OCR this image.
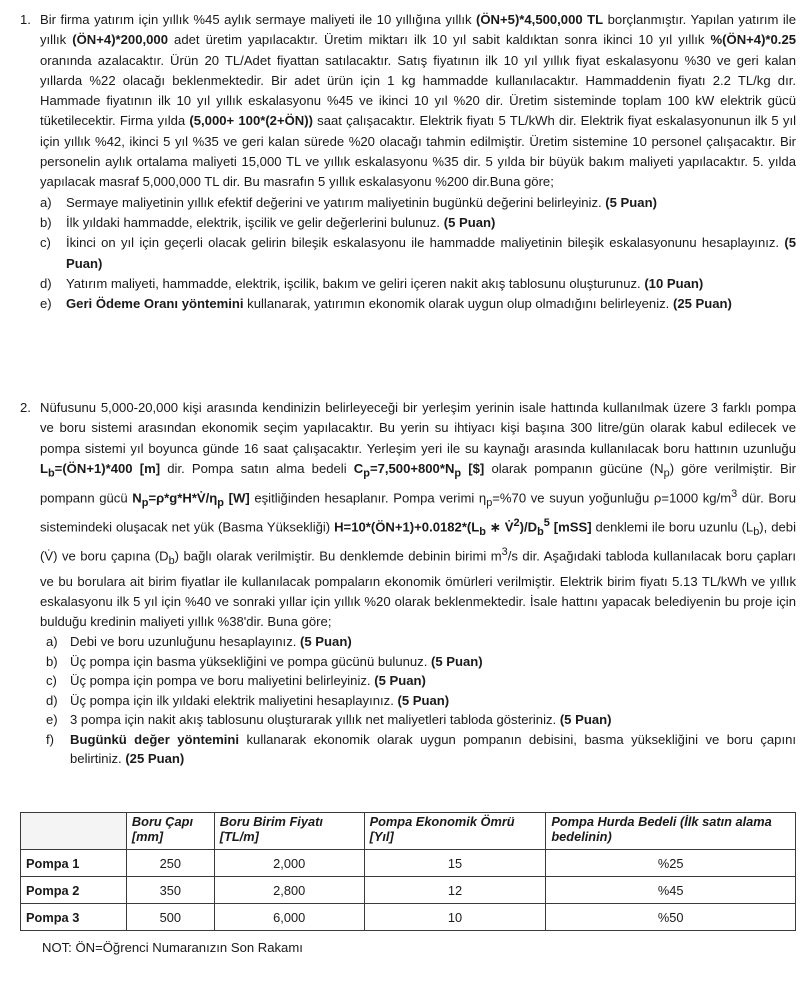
1. Bir firma yatırım için yıllık %45 aylık sermaye maliyeti ile 10 yıllığına yıllık (ÖN+5)*4,500,000 TL borçlanmıştır. Yapılan yatırım ile yıllık (ÖN+4)*200,000 adet üretim yapılacaktır. Üretim miktarı ilk 10 yıl sabit kaldıktan sonra ikinci 10 yıl yıllık %(ÖN+4)*0.25 oranında azalacaktır. Ürün 20 TL/Adet fiyattan satılacaktır. Satış fiyatının ilk 10 yıl yıllık fiyat eskalasyonu %30 ve geri kalan yıllarda %22 olacağı beklenmektedir. Bir adet ürün için 1 kg hammadde kullanılacaktır. Hammaddenin fiyatı 2.2 TL/kg dır. Hammade fiyatının ilk 10 yıl yıllık eskalasyonu %45 ve ikinci 10 yıl %20 dir. Üretim sisteminde toplam 100 kW elektrik gücü tüketilecektir. Firma yılda (5,000+ 100*(2+ÖN)) saat çalışacaktır. Elektrik fiyatı 5 TL/kWh dir. Elektrik fiyat eskalasyonunun ilk 5 yıl için yıllık %42, ikinci 5 yıl %35 ve geri kalan sürede %20 olacağı tahmin edilmiştir. Üretim sistemine 10 personel çalışacaktır. Bir personelin aylık ortalama maliyeti 15,000 TL ve yıllık eskalasyonu %35 dir. 5 yılda bir büyük bakım maliyeti yapılacaktır. 5. yılda yapılacak masraf 5,000,000 TL dir. Bu masrafın 5 yıllık eskalasyonu %200 dir.Buna göre;
a) Sermaye maliyetinin yıllık efektif değerini ve yatırım maliyetinin bugünkü değerini belirleyiniz. (5 Puan)
b) İlk yıldaki hammadde, elektrik, işcilik ve gelir değerlerini bulunuz. (5 Puan)
c) İkinci on yıl için geçerli olacak gelirin bileşik eskalasyonu ile hammadde maliyetinin bileşik eskalasyonunu hesaplayınız. (5 Puan)
d) Yatırım maliyeti, hammadde, elektrik, işcilik, bakım ve geliri içeren nakit akış tablosunu oluşturunuz. (10 Puan)
e) Geri Ödeme Oranı yöntemini kullanarak, yatırımın ekonomik olarak uygun olup olmadığını belirleyeniz. (25 Puan)
2. Nüfusunu 5,000-20,000 kişi arasında kendinizin belirleyeceği bir yerleşim yerinin isale hattında kullanılmak üzere 3 farklı pompa ve boru sistemi arasından ekonomik seçim yapılacaktır. Bu yerin su ihtiyacı kişi başına 300 litre/gün olarak kabul edilecek ve pompa sistemi yıl boyunca günde 16 saat çalışacaktır. Yerleşim yeri ile su kaynağı arasında kullanılacak boru hattının uzunluğu $L_b=(ÖN+1)*400$ [m] dir. Pompa satın alma bedeli $C_p=7,500+800*N_p$ [$] olarak pompanın gücüne $(N_p)$ göre verilmiştir. Bir pompann gücü $N_p=\rho*g*H*V̇/\eta_p$ [W] eşitliğinden hesaplanır. Pompa verimi $\eta_p=\%70$ ve suyun yoğunluğu ρ=1000 $kg/m^3$ dür. Boru sistemindeki oluşacak net yük (Basma Yüksekliği) $H=10*(ÖN+1)+0.0182*(L_b$ ∗ $V̇^2)/D_b^5$ [mSS] denklemi ile boru uzunlu $(L_b)$, debi (V̇) ve boru çapına $(D_b)$ bağlı olarak verilmiştir. Bu denklemde debinin birimi $m^3/s$ dir. Aşağıdaki tabloda kullanılacak boru çapları ve bu borulara ait birim fiyatlar ile kullanılacak pompaların ekonomik ömürleri verilmiştir. Elektrik birim fiyatı 5.13 TL/kWh ve yıllık eskalasyonu ilk 5 yıl için %40 ve sonraki yıllar için yıllık %20 olarak beklenmektedir. İsale hattını yapacak belediyenin bu proje için bulduğu kredinin maliyeti yıllık %38'dir. Buna göre;
a) Debi ve boru uzunluğunu hesaplayınız. (5 Puan)
b) Üç pompa için basma yüksekliğini ve pompa gücünü bulunuz. (5 Puan)
c) Üç pompa için pompa ve boru maliyetini belirleyiniz. (5 Puan)
d) Üç pompa için ilk yıldaki elektrik maliyetini hesaplayınız. (5 Puan)
e) 3 pompa için nakit akış tablosunu oluşturarak yıllık net maliyetleri tabloda gösteriniz. (5 Puan)
f) Bugünkü değer yöntemini kullanarak ekonomik olarak uygun pompanın debisini, basma yüksekliğini ve boru çapını belirtiniz. (25 Puan)
	Boru Çapı [mm]	Boru Birim Fiyatı [TL/m]	Pompa Ekonomik Ömrü [Yıl]	Pompa Hurda Bedeli (İlk satın alama bedelinin)
Pompa 1	250	2,000	15	%25
Pompa 2	350	2,800	12	%45
Pompa 3	500	6,000	10	%50
NOT: ÖN=Öğrenci Numaranızın Son Rakamı
